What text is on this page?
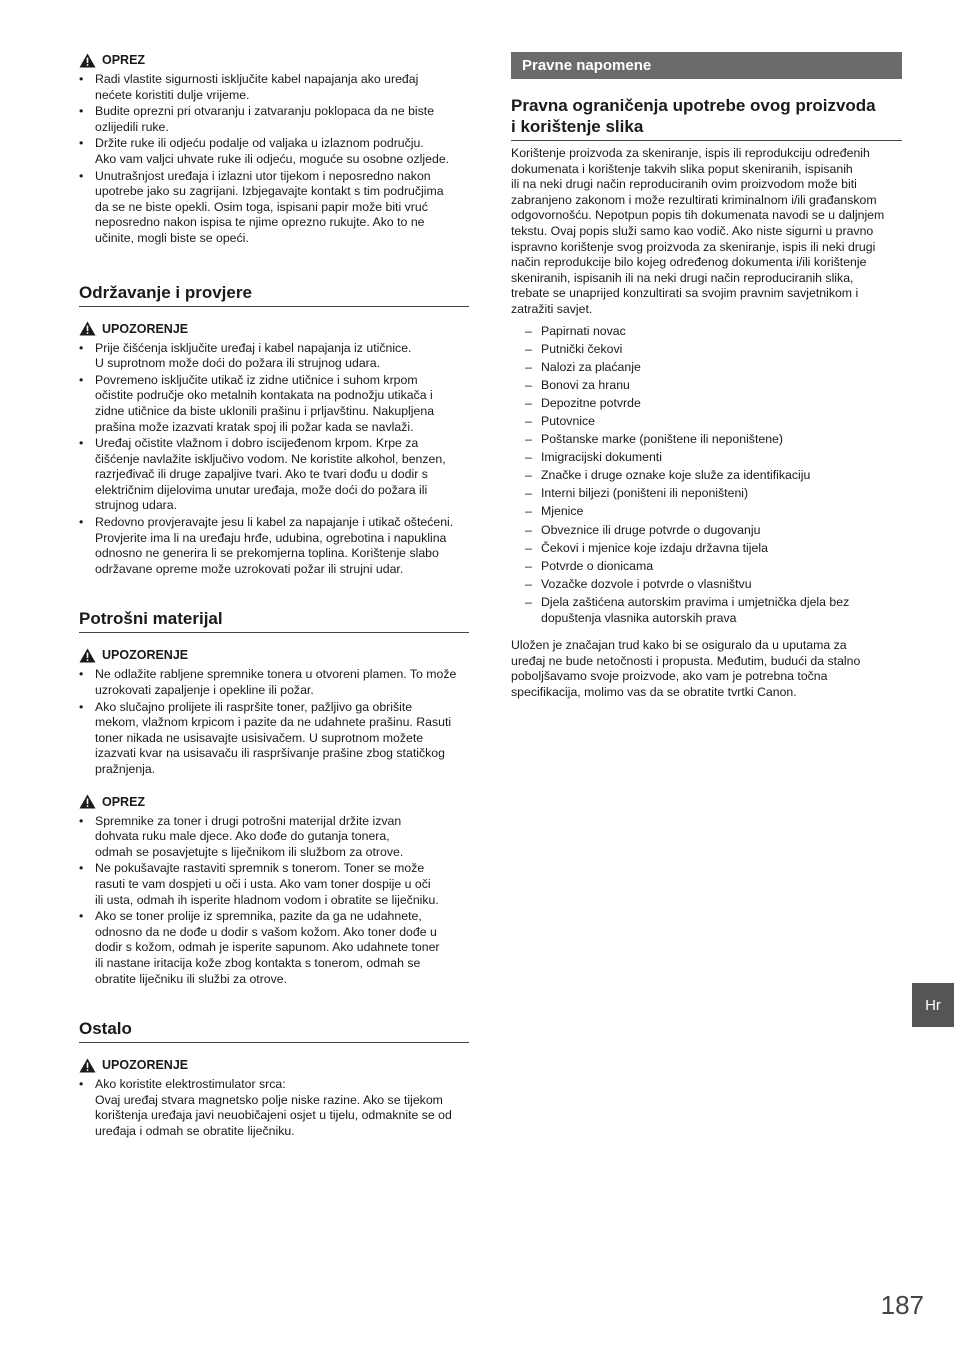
OPREZ
• Radi vlastite sigurnosti isključite kabel napajanja ako uređaj
nećete koristiti dulje vrijeme.
• Budite oprezni pri otvaranju i zatvaranju poklopaca da ne biste
ozlijedili ruke.
• Držite ruke ili odjeću podalje od valjaka u izlaznom području.
Ako vam valjci uhvate ruke ili odjeću, moguće su osobne ozljede.
• Unutrašnjost uređaja i izlazni utor tijekom i neposredno nakon
upotrebe jako su zagrijani. Izbjegavajte kontakt s tim područjima
da se ne biste opekli. Osim toga, ispisani papir može biti vruć
neposredno nakon ispisa te njime oprezno rukujte. Ako to ne
učinite, mogli biste se opeći.
Održavanje i provjere
UPOZORENJE
• Prije čišćenja isključite uređaj i kabel napajanja iz utičnice.
U suprotnom može doći do požara ili strujnog udara.
• Povremeno isključite utikač iz zidne utičnice i suhom krpom
očistite područje oko metalnih kontakata na podnožju utikača i
zidne utičnice da biste uklonili prašinu i prljavštinu. Nakupljena
prašina može izazvati kratak spoj ili požar kada se navlaži.
• Uređaj očistite vlažnom i dobro iscijeđenom krpom. Krpe za
čišćenje navlažite isključivo vodom. Ne koristite alkohol, benzen,
razrjeđivač ili druge zapaljive tvari. Ako te tvari dođu u dodir s
električnim dijelovima unutar uređaja, može doći do požara ili
strujnog udara.
• Redovno provjeravajte jesu li kabel za napajanje i utikač oštećeni.
Provjerite ima li na uređaju hrđe, udubina, ogrebotina i napuklina
odnosno ne generira li se prekomjerna toplina. Korištenje slabo
održavane opreme može uzrokovati požar ili strujni udar.
Potrošni materijal
UPOZORENJE
• Ne odlažite rabljene spremnike tonera u otvoreni plamen. To može
uzrokovati zapaljenje i opekline ili požar.
• Ako slučajno prolijete ili raspršite toner, pažljivo ga obrišite
mekom, vlažnom krpicom i pazite da ne udahnete prašinu. Rasuti
toner nikada ne usisavajte usisivačem. U suprotnom možete
izazvati kvar na usisavaču ili raspršivanje prašine zbog statičkog
pražnjenja.
OPREZ
• Spremnike za toner i drugi potrošni materijal držite izvan
dohvata ruku male djece. Ako dođe do gutanja tonera,
odmah se posavjetujte s liječnikom ili službom za otrove.
• Ne pokušavajte rastaviti spremnik s tonerom. Toner se može
rasuti te vam dospjeti u oči i usta. Ako vam toner dospije u oči
ili usta, odmah ih isperite hladnom vodom i obratite se liječniku.
• Ako se toner prolije iz spremnika, pazite da ga ne udahnete,
odnosno da ne dođe u dodir s vašom kožom. Ako toner dođe u
dodir s kožom, odmah je isperite sapunom. Ako udahnete toner
ili nastane iritacija kože zbog kontakta s tonerom, odmah se
obratite liječniku ili službi za otrove.
Ostalo
UPOZORENJE
• Ako koristite elektrostimulator srca:
Ovaj uređaj stvara magnetsko polje niske razine. Ako se tijekom
korištenja uređaja javi neuobičajeni osjet u tijelu, odmaknite se od
uređaja i odmah se obratite liječniku.
Pravne napomene
Pravna ograničenja upotrebe ovog proizvoda
i korištenje slika

Korištenje proizvoda za skeniranje, ispis ili reprodukciju određenih
dokumenata i korištenje takvih slika poput skeniranih, ispisanih
ili na neki drugi način reproduciranih ovim proizvodom može biti
zabranjeno zakonom i može rezultirati kriminalnom i/ili građanskom
odgovornošću. Nepotpun popis tih dokumenata navodi se u daljnjem
tekstu. Ovaj popis služi samo kao vodič. Ako niste sigurni u pravno
ispravno korištenje svog proizvoda za skeniranje, ispis ili neki drugi
način reprodukcije bilo kojeg određenog dokumenta i/ili korištenje
skeniranih, ispisanih ili na neki drugi način reproduciranih slika,
trebate se unaprijed konzultirati sa svojim pravnim savjetnikom i
zatražiti savjet.

– Papirnati novac
– Putnički čekovi
– Nalozi za plaćanje
– Bonovi za hranu
– Depozitne potvrde
– Putovnice
– Poštanske marke (poništene ili neponištene)
– Imigracijski dokumenti
– Značke i druge oznake koje služe za identifikaciju
– Interni biljezi (poništeni ili neponišteni)
– Mjenice
– Obveznice ili druge potvrde o dugovanju
– Čekovi i mjenice koje izdaju državna tijela
– Potvrde o dionicama
– Vozačke dozvole i potvrde o vlasništvu
– Djela zaštićena autorskim pravima i umjetnička djela bez
dopuštenja vlasnika autorskih prava

Uložen je značajan trud kako bi se osiguralo da u uputama za
uređaj ne bude netočnosti i propusta. Međutim, budući da stalno
poboljšavamo svoje proizvode, ako vam je potrebna točna
specifikacija, molimo vas da se obratite tvrtki Canon.

Hr
187
